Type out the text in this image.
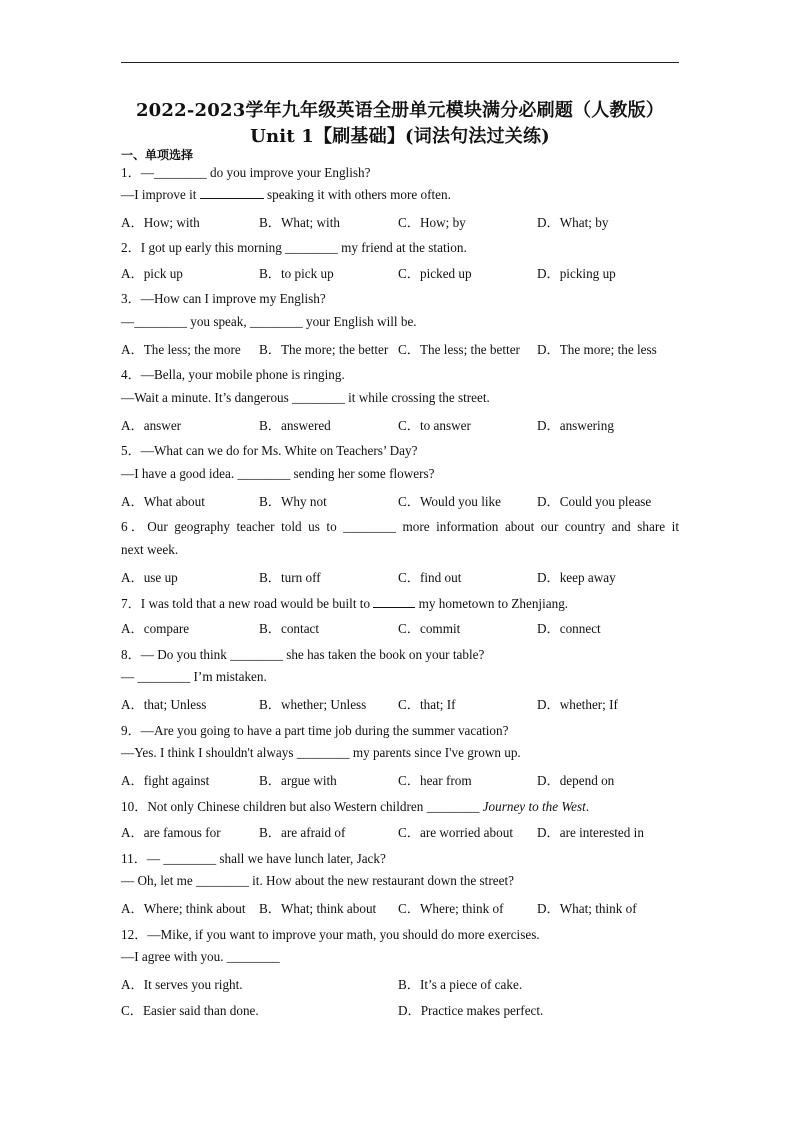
2022-2023学年九年级英语全册单元模块满分必刷题（人教版）
Unit 1【刷基础】(词法句法过关练)
一、单项选择
1．—________ do you improve your English?
—I improve it	speaking it with others more often.
A．How; with	B．What; with	C．How; by	D．What; by
2．I got up early this morning ________ my friend at the station.
A．pick up	B．to pick up	C．picked up	D．picking up
3．—How can I improve my English?
—________ you speak, ________ your English will be.
A．The less; the more B．The more; the better C．The less; the better D．The more; the less
4．—Bella, your mobile phone is ringing.
—Wait a minute. It’s dangerous ________ it while crossing the street.
A．answer	B．answered	C．to answer	D．answering
5．—What can we do for Ms. White on Teachers’ Day?
—I have a good idea. ________ sending her some flowers?
A．What about	B．Why not	C．Would you like	D．Could you please
6．Our geography teacher told us to ________ more information about our country and share it
next week.
A．use up	B．turn off	C．find out	D．keep away
7．I was told that a new road would be built to	my hometown to Zhenjiang.
A．compare	B．contact	C．commit	D．connect
8．— Do you think ________ she has taken the book on your table?
— ________ I’m mistaken.
A．that; Unless	B．whether; Unless C．that; If	D．whether; If
9．—Are you going to have a part time job during the summer vacation?
—Yes. I think I shouldn't always ________ my parents since I've grown up.
A．fight against	B．argue with	C．hear from	D．depend on
10．Not only Chinese children but also Western children ________ Journey to the West.
A．are famous for	B．are afraid of	C．are worried about D．are interested in
11．— ________ shall we have lunch later, Jack?
— Oh, let me ________ it. How about the new restaurant down the street?
A．Where; think about B．What; think about C．Where; think of	D．What; think of
12．—Mike, if you want to improve your math, you should do more exercises.
—I agree with you. ________
A．It serves you right.	B．It’s a piece of cake.
C．Easier said than done.	D．Practice makes perfect.
